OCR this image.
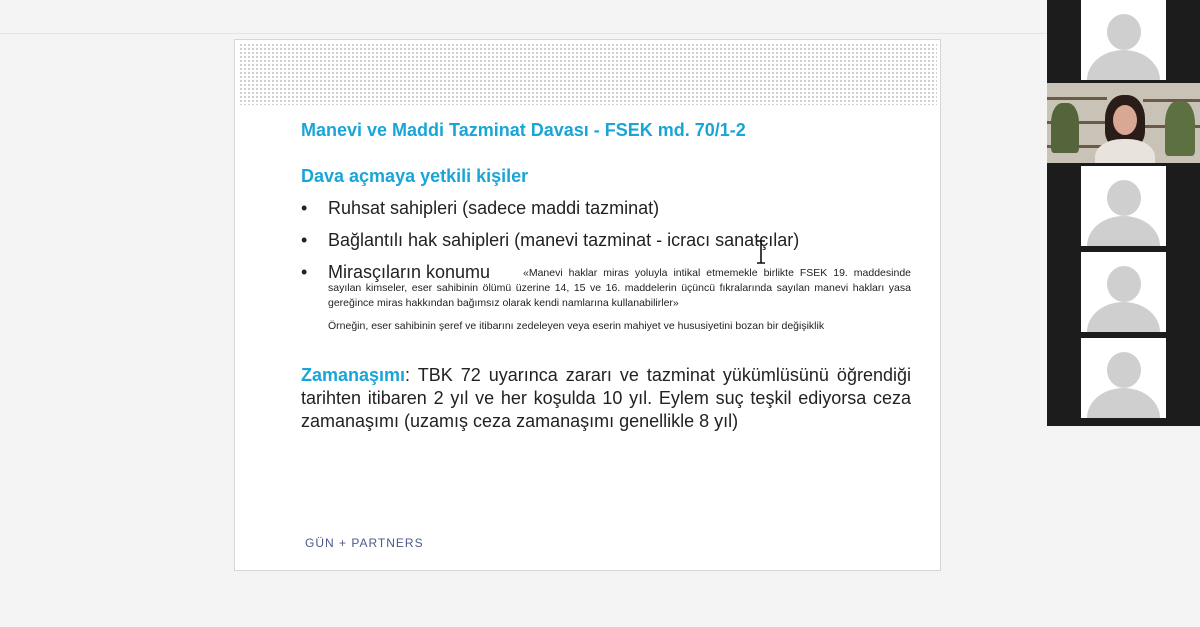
Manevi ve Maddi Tazminat Davası - FSEK md. 70/1-2
Dava açmaya yetkili kişiler
• Ruhsat sahipleri (sadece maddi tazminat)
• Bağlantılı hak sahipleri (manevi tazminat - icracı sanatçılar)
• Mirasçıların konumu	«Manevi haklar miras yoluyla intikal etmemekle birlikte FSEK 19. maddesinde sayılan kimseler, eser sahibinin ölümü üzerine 14, 15 ve 16. maddelerin üçüncü fıkralarında sayılan manevi hakları yasa gereğince miras hakkından bağımsız olarak kendi namlarına kullanabilirler»
Örneğin, eser sahibinin şeref ve itibarını zedeleyen veya eserin mahiyet ve hususiyetini bozan bir değişiklik
Zamanaşımı: TBK 72 uyarınca zararı ve tazminat yükümlüsünü öğrendiği tarihten itibaren 2 yıl ve her koşulda 10 yıl. Eylem suç teşkil ediyorsa ceza zamanaşımı (uzamış ceza zamanaşımı genellikle 8 yıl)
GÜN + PARTNERS
